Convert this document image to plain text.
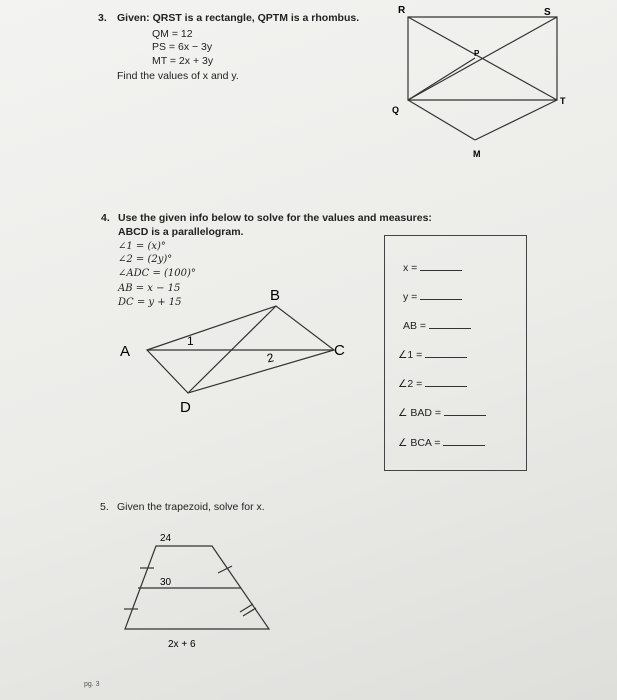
3. Given: QRST is a rectangle, QPTM is a rhombus.
QM = 12
PS = 6x − 3y
MT = 2x + 3y
Find the values of x and y.
R	S
P
Q
T
M
4. Use the given info below to solve for the values and measures:
ABCD is a parallelogram.
∠1 = (x)°
∠2 = (2y)°
∠ADC = (100)°
AB = x − 15
DC = y + 15
A
B
C
D
1
2
x =
y =
AB =
∠1 =
∠2 =
∠ BAD =
∠ BCA =
5. Given the trapezoid, solve for x.
24
30
2x + 6
pg. 3
